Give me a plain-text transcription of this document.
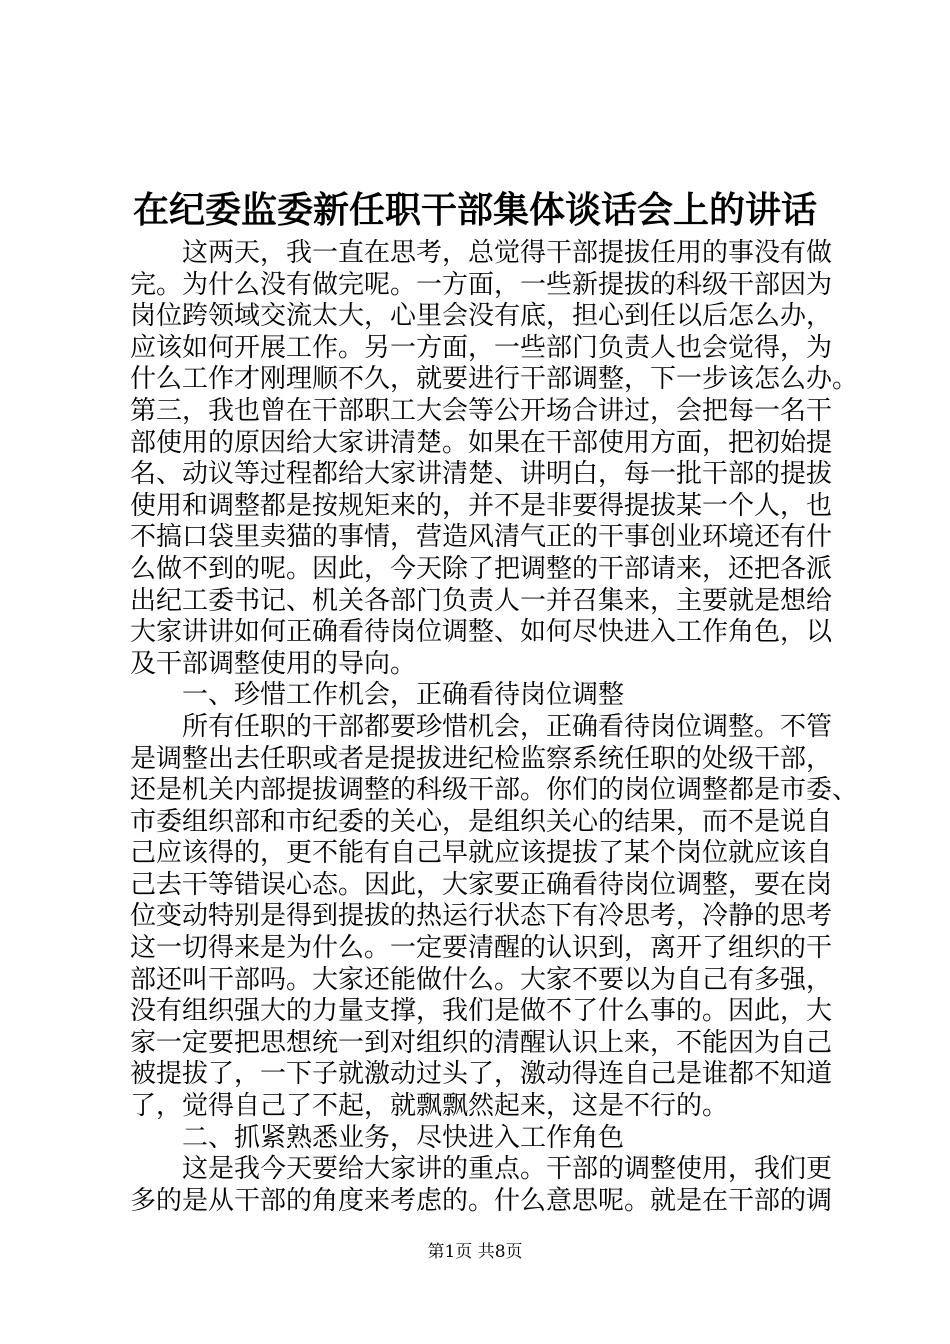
在纪委监委新任职干部集体谈话会上的讲话
这两天，我一直在思考，总觉得干部提拔任用的事没有做
完。为什么没有做完呢。一方面，一些新提拔的科级干部因为
岗位跨领域交流太大，心里会没有底，担心到任以后怎么办，
应该如何开展工作。另一方面，一些部门负责人也会觉得，为
什么工作才刚理顺不久，就要进行干部调整，下一步该怎么办。
第三，我也曾在干部职工大会等公开场合讲过，会把每一名干
部使用的原因给大家讲清楚。如果在干部使用方面，把初始提
名、动议等过程都给大家讲清楚、讲明白，每一批干部的提拔
使用和调整都是按规矩来的，并不是非要得提拔某一个人，也
不搞口袋里卖猫的事情，营造风清气正的干事创业环境还有什
么做不到的呢。因此，今天除了把调整的干部请来，还把各派
出纪工委书记、机关各部门负责人一并召集来，主要就是想给
大家讲讲如何正确看待岗位调整、如何尽快进入工作角色，以
及干部调整使用的导向。
一、珍惜工作机会，正确看待岗位调整
所有任职的干部都要珍惜机会，正确看待岗位调整。不管
是调整出去任职或者是提拔进纪检监察系统任职的处级干部，
还是机关内部提拔调整的科级干部。你们的岗位调整都是市委、
市委组织部和市纪委的关心，是组织关心的结果，而不是说自
己应该得的，更不能有自己早就应该提拔了某个岗位就应该自
己去干等错误心态。因此，大家要正确看待岗位调整，要在岗
位变动特别是得到提拔的热运行状态下有冷思考，冷静的思考
这一切得来是为什么。一定要清醒的认识到，离开了组织的干
部还叫干部吗。大家还能做什么。大家不要以为自己有多强，
没有组织强大的力量支撑，我们是做不了什么事的。因此，大
家一定要把思想统一到对组织的清醒认识上来，不能因为自己
被提拔了，一下子就激动过头了，激动得连自己是谁都不知道
了，觉得自己了不起，就飘飘然起来，这是不行的。
二、抓紧熟悉业务，尽快进入工作角色
这是我今天要给大家讲的重点。干部的调整使用，我们更
多的是从干部的角度来考虑的。什么意思呢。就是在干部的调
第1页 共8页
